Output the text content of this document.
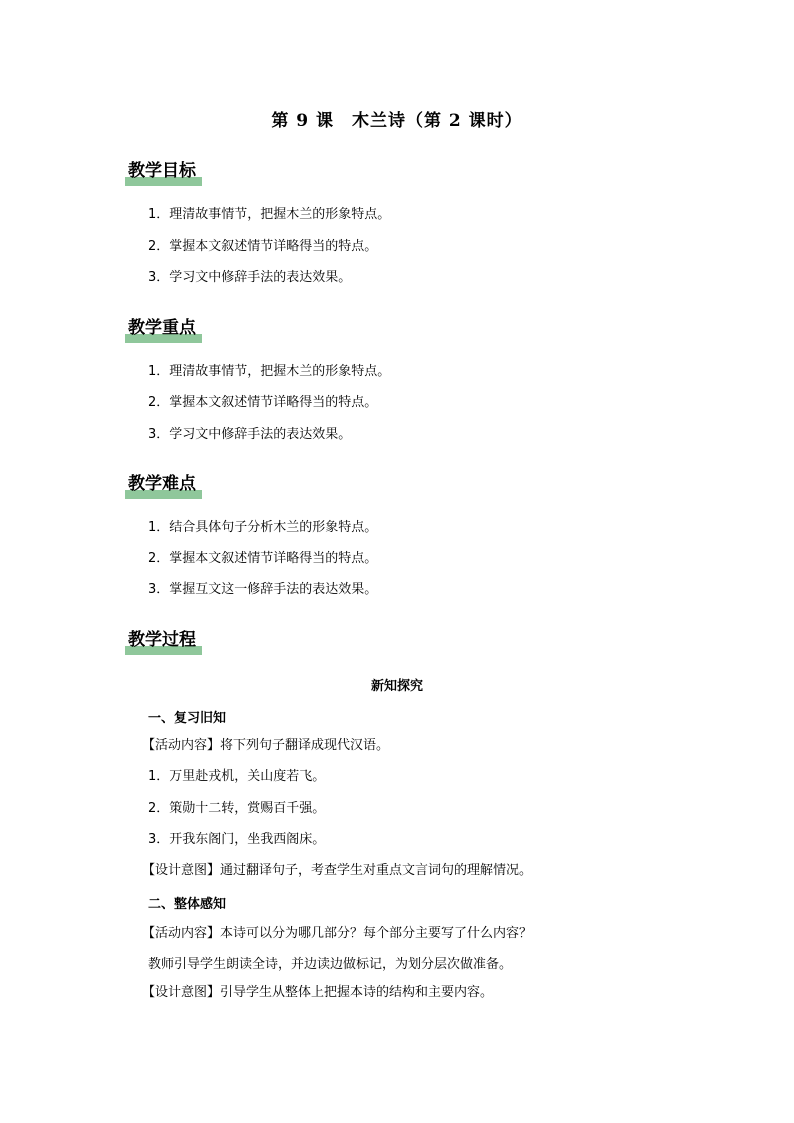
第 9 课　木兰诗（第 2 课时）
教学目标
1．理清故事情节，把握木兰的形象特点。
2．掌握本文叙述情节详略得当的特点。
3．学习文中修辞手法的表达效果。
教学重点
1．理清故事情节，把握木兰的形象特点。
2．掌握本文叙述情节详略得当的特点。
3．学习文中修辞手法的表达效果。
教学难点
1．结合具体句子分析木兰的形象特点。
2．掌握本文叙述情节详略得当的特点。
3．掌握互文这一修辞手法的表达效果。
教学过程
新知探究
一、复习旧知
【活动内容】将下列句子翻译成现代汉语。
1．万里赴戎机，关山度若飞。
2．策勋十二转，赏赐百千强。
3．开我东阁门，坐我西阁床。
【设计意图】通过翻译句子，考查学生对重点文言词句的理解情况。
二、整体感知
【活动内容】本诗可以分为哪几部分？每个部分主要写了什么内容？
教师引导学生朗读全诗，并边读边做标记，为划分层次做准备。
【设计意图】引导学生从整体上把握本诗的结构和主要内容。
